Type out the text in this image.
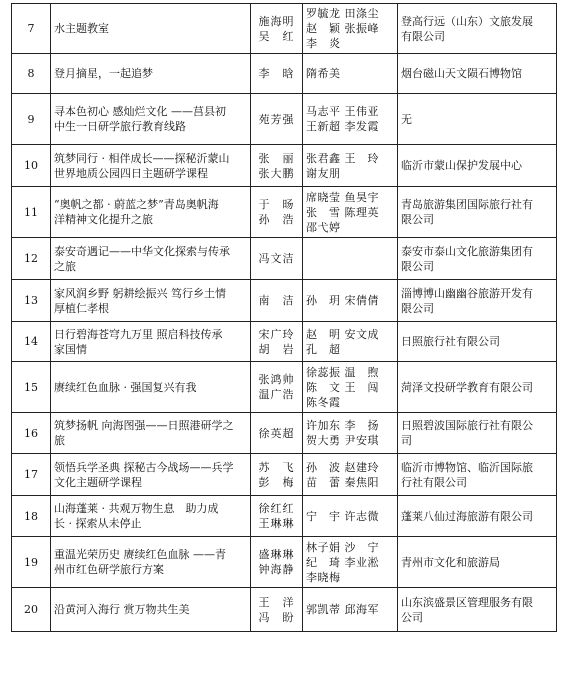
7	水主题教室	施海明
吴　红	罗毓龙 田涤尘
赵　颖 张振峰
李　炎	登高行远（山东）文旅发展
有限公司

8	登月摘星，一起追梦	李　晗	隋希美	烟台磁山天文陨石博物馆

9	寻本色初心 感灿烂文化 ——莒县初
中生一日研学旅行教育线路	苑芳强	马志平 王伟亚
王新超 李发霞	无

10	筑梦同行 · 相伴成长——探秘沂蒙山
世界地质公园四日主题研学课程	张　丽
张大鹏	张君鑫 王　玲
谢友朋	临沂市蒙山保护发展中心

11	“奥帆之都 · 蔚蓝之梦”青岛奥帆海
洋精神文化提升之旅	于　旸
孙　浩	席晓莹 鱼昊宇
张　雪 陈理英
邵弋婷	青岛旅游集团国际旅行社有
限公司

12	泰安奇遇记——中华文化探索与传承
之旅	冯文洁		泰安市泰山文化旅游集团有
限公司

13	家风润乡野 躬耕绘振兴 笃行乡土情
厚植仁孝根	南　洁	孙　玥 宋倩倩	淄博博山幽幽谷旅游开发有
限公司

14	日行碧海苍穹九万里 照启科技传承
家国情	宋广玲
胡　岩	赵　明 安文成
孔　超	日照旅行社有限公司

15	赓续红色血脉 · 强国复兴有我	张鸿帅
温广浩	徐蕊振 温　煦
陈　文 王　闯
陈冬霞	菏泽文投研学教育有限公司

16	筑梦扬帆 向海图强——日照港研学之
旅	徐英超	许加东 李　扬
贺大勇 尹安琪	日照碧波国际旅行社有限公
司

17	领悟兵学圣典 探秘古今战场——兵学
文化主题研学课程	苏　飞
彭　梅	孙　波 赵建玲
苗　蕾 秦焦阳	临沂市博物馆、临沂国际旅
行社有限公司

18	山海蓬莱 · 共观万物生息　助力成
长 · 探索从未停止	徐红红
王琳琳	宁　宇 许志微	蓬莱八仙过海旅游有限公司

19	重温光荣历史 赓续红色血脉 ——青
州市红色研学旅行方案	盛琳琳
钟海静	林子娟 沙　宁
纪　琦 李业淞
李晓梅	青州市文化和旅游局

20	沿黄河入海行 赏万物共生美	王　洋
冯　盼	郭凯蒂 邱海军	山东滨盛景区管理服务有限
公司
